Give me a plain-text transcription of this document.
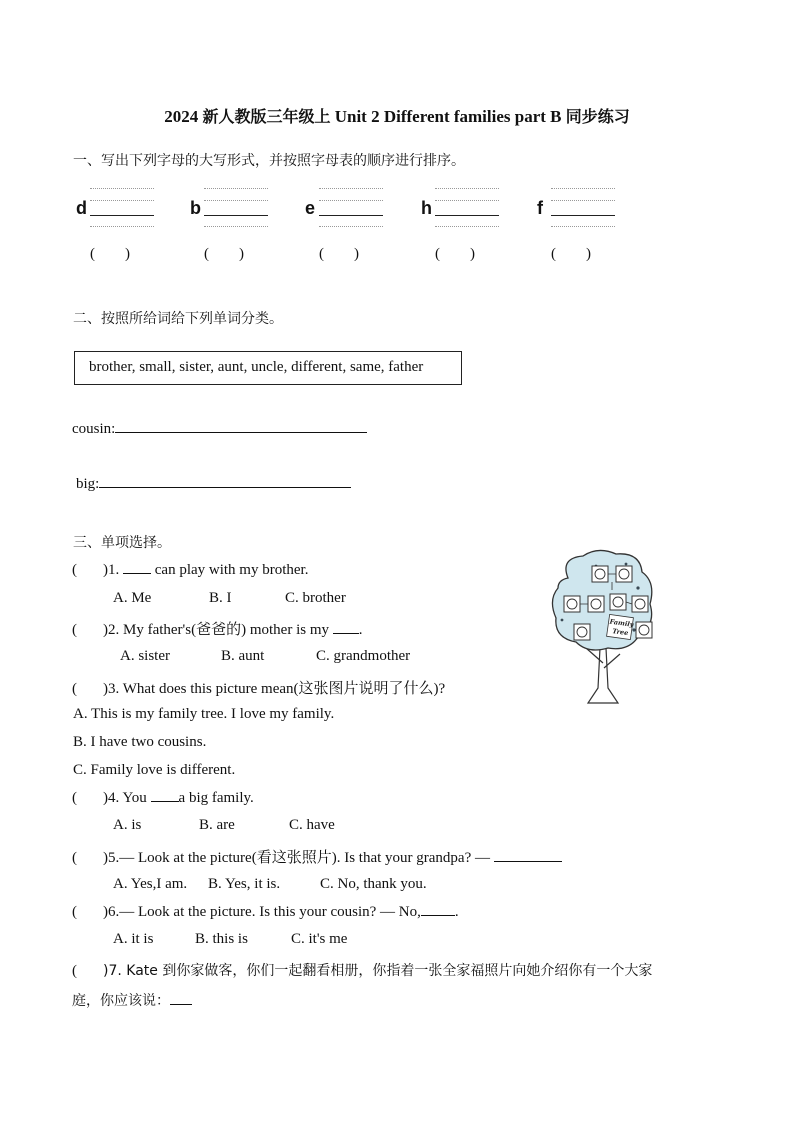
2024 新人教版三年级上 Unit 2 Different families part B 同步练习
一、写出下列字母的大写形式，并按照字母表的顺序进行排序。
d
(        )
b
(        )
e
(        )
h
(        )
f
(        )
二、按照所给词给下列单词分类。
brother, small, sister, aunt, uncle, different, same, father
cousin:
big:
三、单项选择。
( )1.  can play with my brother.
A. Me	B. I	C. brother
( )2. My father's(爸爸的) mother is my .
A. sister	B. aunt	C. grandmother
( )3. What does this picture mean(这张图片说明了什么)?
A. This is my family tree. I love my family.
B. I have two cousins.
C. Family love is different.
( )4. You a big family.
A. is	B. are	C. have
( )5.— Look at the picture(看这张照片). Is that your grandpa? —
A. Yes,I am. B. Yes, it is.	C. No, thank you.
( )6.— Look at the picture. Is this your cousin? — No, .
A. it is	B. this is	C. it's me
( )7. Kate 到你家做客，你们一起翻看相册，你指着一张全家福照片向她介绍你有一个大家
庭，你应该说：
Family
Tree
